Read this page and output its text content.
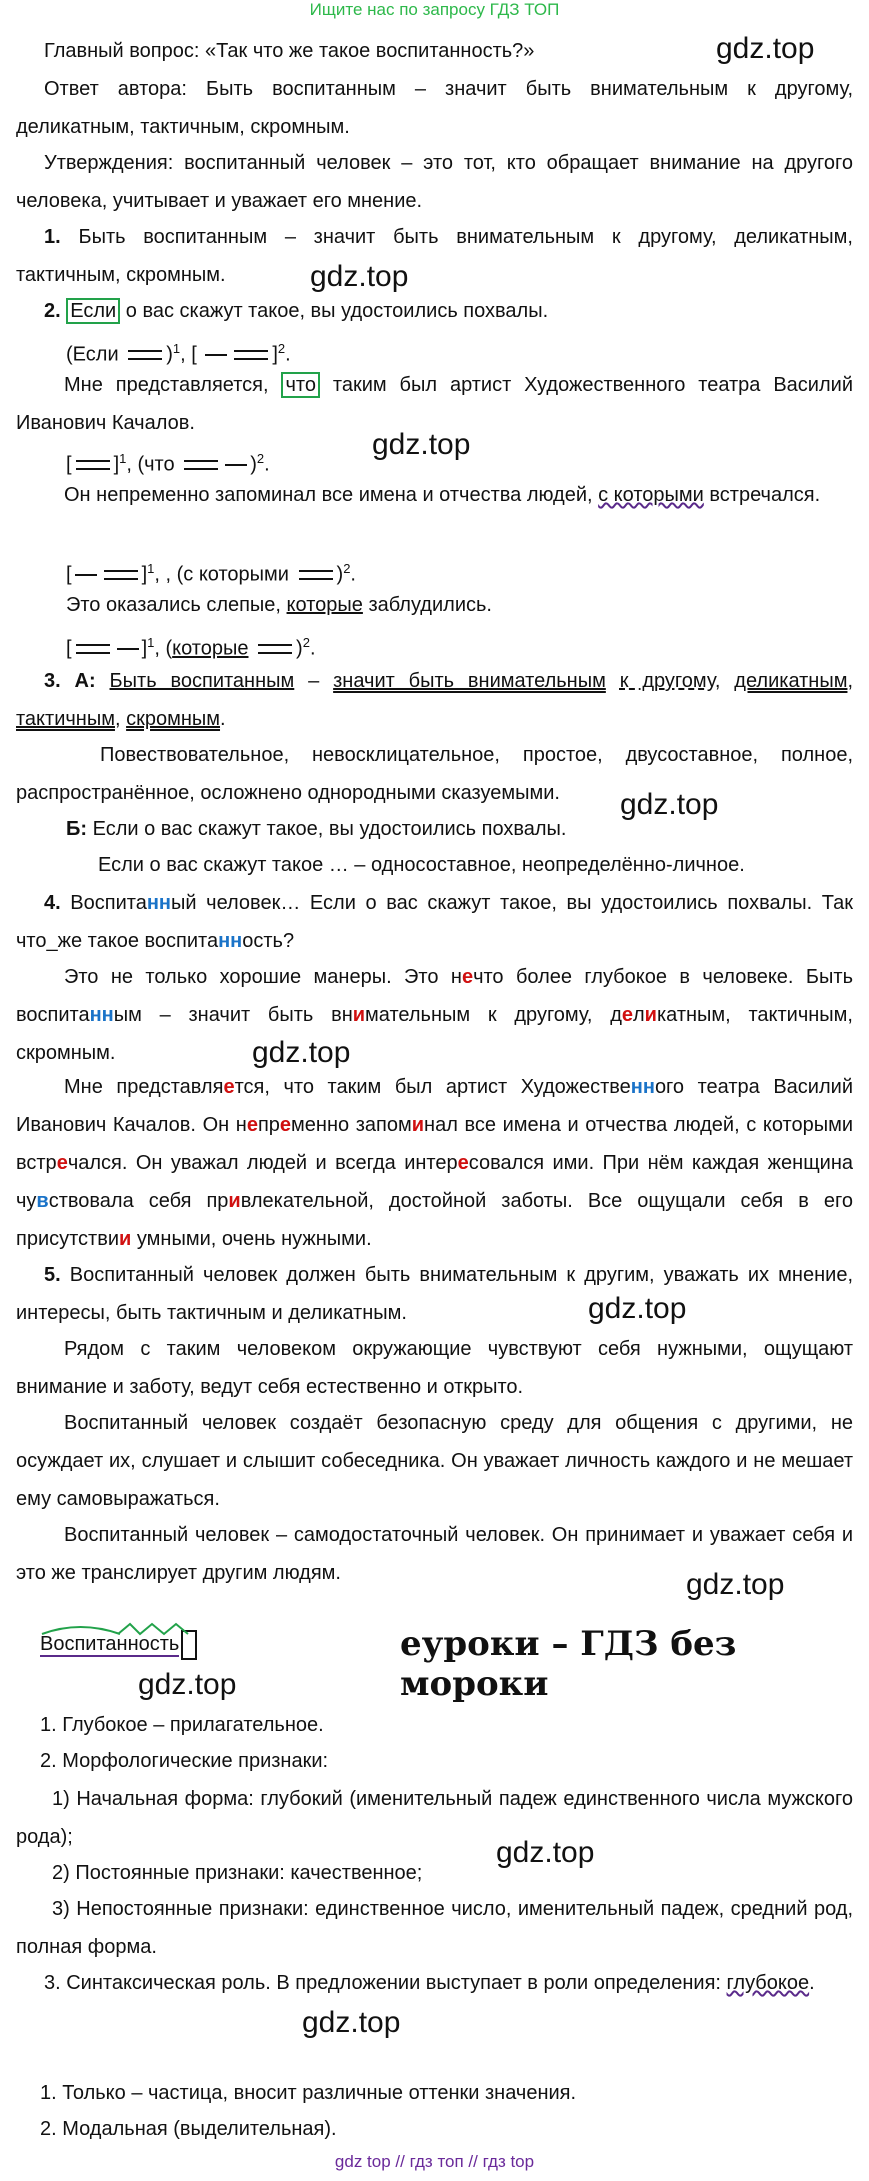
Ищите нас по запросу ГДЗ ТОП
gdz.top
gdz.top
gdz.top
gdz.top
gdz.top
gdz.top
gdz.top
gdz.top
gdz.top
gdz.top
Главный вопрос: «Так что же такое воспитанность?»
Ответ автора: Быть воспитанным – значит быть внимательным к другому, деликатным, тактичным, скромным.
Утверждения: воспитанный человек – это тот, кто обращает внимание на другого человека, учитывает и уважает его мнение.
1. Быть воспитанным – значит быть внимательным к другому, деликатным, тактичным, скромным.
2. Если о вас скажут такое, вы удостоились похвалы.
(Если )$^1$, [	]$^2$.
Мне представляется, что таким был артист Художественного театра Василий Иванович Качалов.
[ ]$^1$, (что	)$^2$.
Он непременно запоминал все имена и отчества людей, с которыми встречался.
[	]$^1$, , (с которыми )$^2$.
Это оказались слепые, которые заблудились.
[	]$^1$, (которые )$^2$.
3. А: Быть воспитанным – значит быть внимательным к другому, деликатным, тактичным, скромным.
Повествовательное, невосклицательное, простое, двусоставное, полное, распространённое, осложнено однородными сказуемыми.
Б: Если о вас скажут такое, вы удостоились похвалы.
Если о вас скажут такое … – односоставное, неопределённо-личное.
4. Воспитанный человек… Если о вас скажут такое, вы удостоились похвалы. Так что_же такое воспитанность?
Это не только хорошие манеры. Это нечто более глубокое в человеке. Быть воспитанным – значит быть внимательным к другому, деликатным, тактичным, скромным.
Мне представляется, что таким был артист Художественного театра Василий Иванович Качалов. Он непременно запоминал все имена и отчества людей, с которыми встречался. Он уважал людей и всегда интересовался ими. При нём каждая женщина чувствовала себя привлекательной, достойной заботы. Все ощущали себя в его присутствии умными, очень нужными.
5. Воспитанный человек должен быть внимательным к другим, уважать их мнение, интересы, быть тактичным и деликатным.
Рядом с таким человеком окружающие чувствуют себя нужными, ощущают внимание и заботу, ведут себя естественно и открыто.
Воспитанный человек создаёт безопасную среду для общения с другими, не осуждает их, слушает и слышит собеседника. Он уважает личность каждого и не мешает ему самовыражаться.
Воспитанный человек – самодостаточный человек. Он принимает и уважает себя и это же транслирует другим людям.
Воспитанность	еуроки – ГДЗ без мороки
1. Глубокое – прилагательное.
2. Морфологические признаки:
1) Начальная форма: глубокий (именительный падеж единственного числа мужского рода);
2) Постоянные признаки: качественное;
3) Непостоянные признаки: единственное число, именительный падеж, средний род, полная форма.
3. Синтаксическая роль. В предложении выступает в роли определения: глубокое.
1. Только – частица, вносит различные оттенки значения.
2. Модальная (выделительная).
gdz top // гдз топ // гдз top
